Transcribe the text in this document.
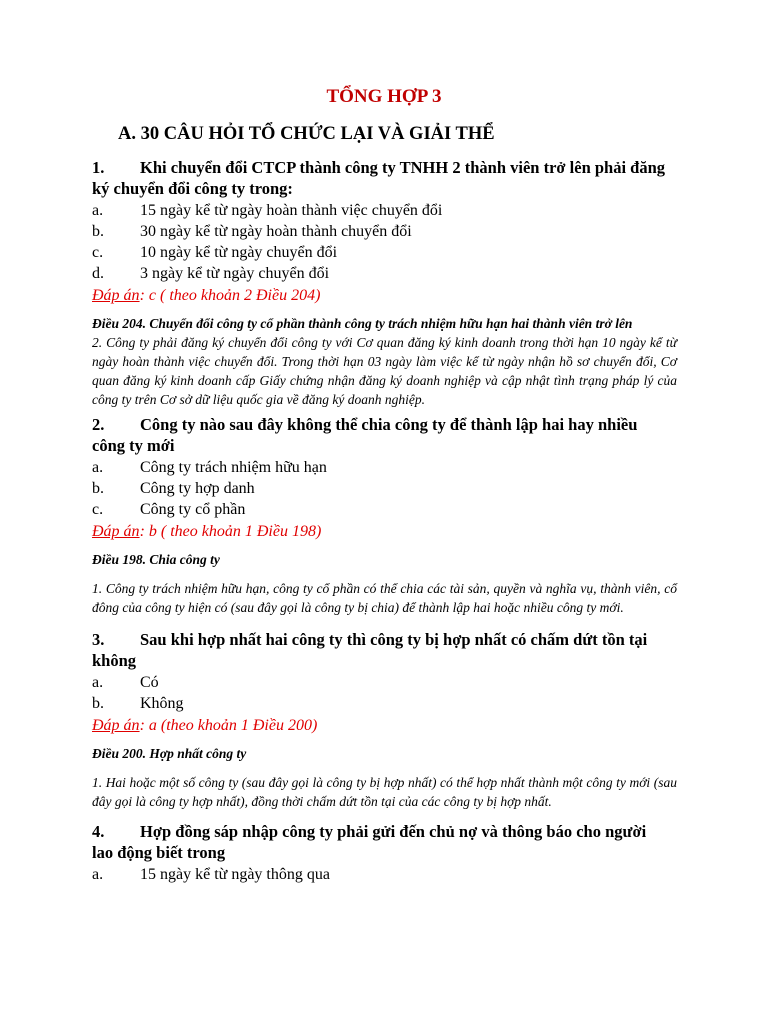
TỔNG HỢP 3
A. 30 CÂU HỎI TỔ CHỨC LẠI VÀ GIẢI THỂ
1.	Khi chuyển đổi CTCP thành công ty TNHH 2 thành viên trở lên phải đăng
ký chuyển đổi công ty trong:
a.	15 ngày kể từ ngày hoàn thành việc chuyển đổi
b.	30 ngày kể từ ngày hoàn thành chuyển đổi
c.	10 ngày kể từ ngày chuyển đổi
d.	3 ngày kể từ ngày chuyển đổi
Đáp án: c ( theo khoản 2 Điều 204)
Điều 204. Chuyển đổi công ty cổ phần thành công ty trách nhiệm hữu hạn hai thành viên trở lên
2. Công ty phải đăng ký chuyển đổi công ty với Cơ quan đăng ký kinh doanh trong thời hạn 10 ngày kể từ ngày hoàn thành việc chuyển đổi. Trong thời hạn 03 ngày làm việc kể từ ngày nhận hồ sơ chuyển đổi, Cơ quan đăng ký kinh doanh cấp Giấy chứng nhận đăng ký doanh nghiệp và cập nhật tình trạng pháp lý của công ty trên Cơ sở dữ liệu quốc gia về đăng ký doanh nghiệp.
2.	Công ty nào sau đây không thể chia công ty để thành lập hai hay nhiều
công ty mới
a.	Công ty trách nhiệm hữu hạn
b.	Công ty hợp danh
c.	Công ty cổ phần
Đáp án: b ( theo khoản 1 Điều 198)
Điều 198. Chia công ty
1. Công ty trách nhiệm hữu hạn, công ty cổ phần có thể chia các tài sản, quyền và nghĩa vụ, thành viên, cổ đông của công ty hiện có (sau đây gọi là công ty bị chia) để thành lập hai hoặc nhiều công ty mới.
3.	Sau khi hợp nhất hai công ty thì công ty bị hợp nhất có chấm dứt tồn tại
không
a.	Có
b.	Không
Đáp án: a (theo khoản 1 Điều 200)
Điều 200. Hợp nhất công ty
1. Hai hoặc một số công ty (sau đây gọi là công ty bị hợp nhất) có thể hợp nhất thành một công ty mới (sau đây gọi là công ty hợp nhất), đồng thời chấm dứt tồn tại của các công ty bị hợp nhất.
4.	Hợp đồng sáp nhập công ty phải gửi đến chủ nợ và thông báo cho người
lao động biết trong
a.	15 ngày kể từ ngày thông qua
